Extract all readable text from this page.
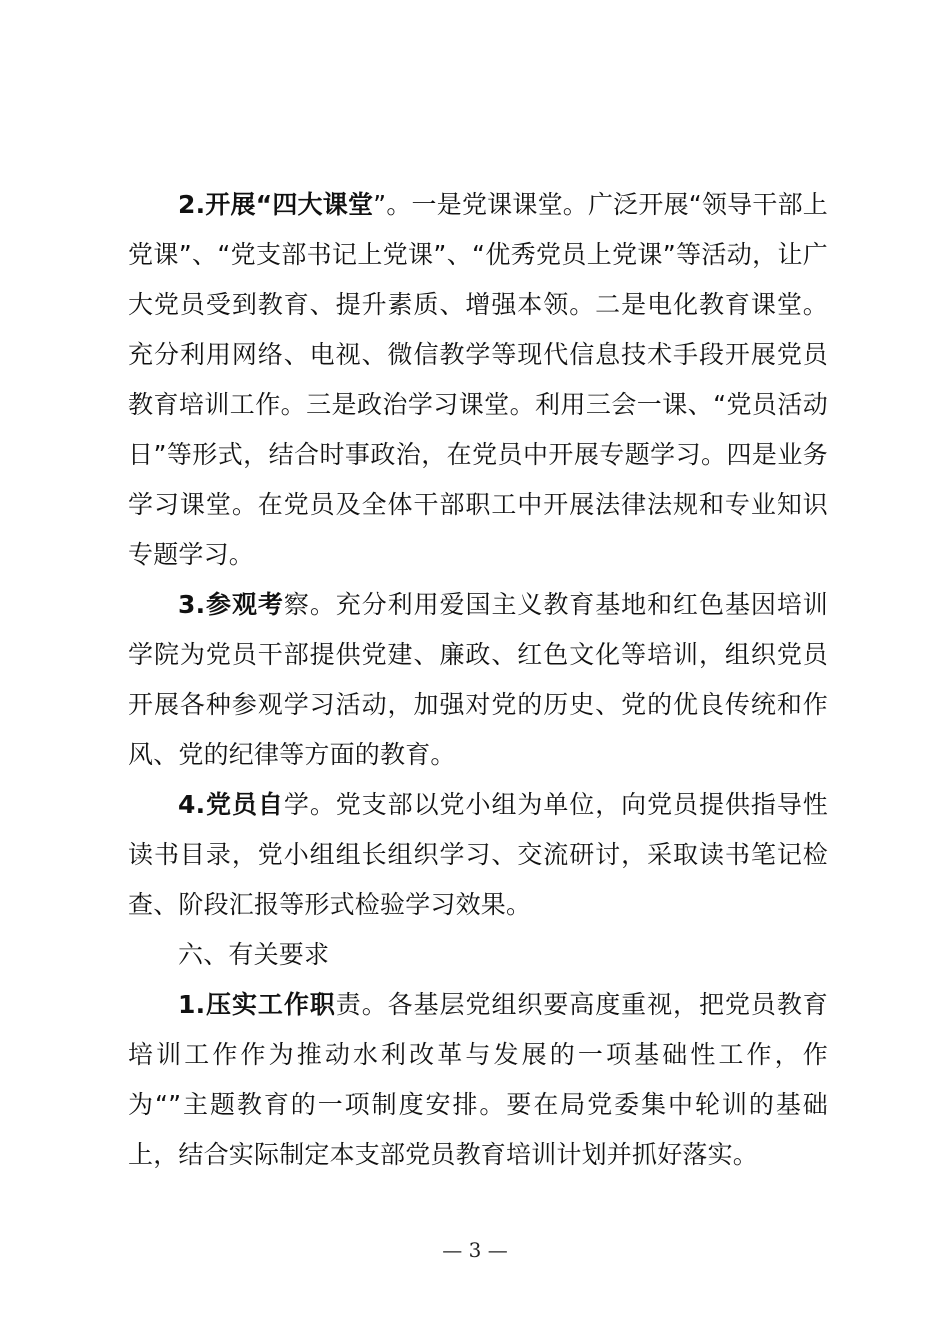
2.开展“四大课堂”。一是党课课堂。广泛开展“领导干部上党课”、“党支部书记上党课”、“优秀党员上党课”等活动，让广大党员受到教育、提升素质、增强本领。二是电化教育课堂。充分利用网络、电视、微信教学等现代信息技术手段开展党员教育培训工作。三是政治学习课堂。利用三会一课、“党员活动日”等形式，结合时事政治，在党员中开展专题学习。四是业务学习课堂。在党员及全体干部职工中开展法律法规和专业知识专题学习。

3.参观考察。充分利用爱国主义教育基地和红色基因培训学院为党员干部提供党建、廉政、红色文化等培训，组织党员开展各种参观学习活动，加强对党的历史、党的优良传统和作风、党的纪律等方面的教育。

4.党员自学。党支部以党小组为单位，向党员提供指导性读书目录，党小组组长组织学习、交流研讨，采取读书笔记检查、阶段汇报等形式检验学习效果。

六、有关要求

1.压实工作职责。各基层党组织要高度重视，把党员教育培训工作作为推动水利改革与发展的一项基础性工作，作为“”主题教育的一项制度安排。要在局党委集中轮训的基础上，结合实际制定本支部党员教育培训计划并抓好落实。

— 3 —
